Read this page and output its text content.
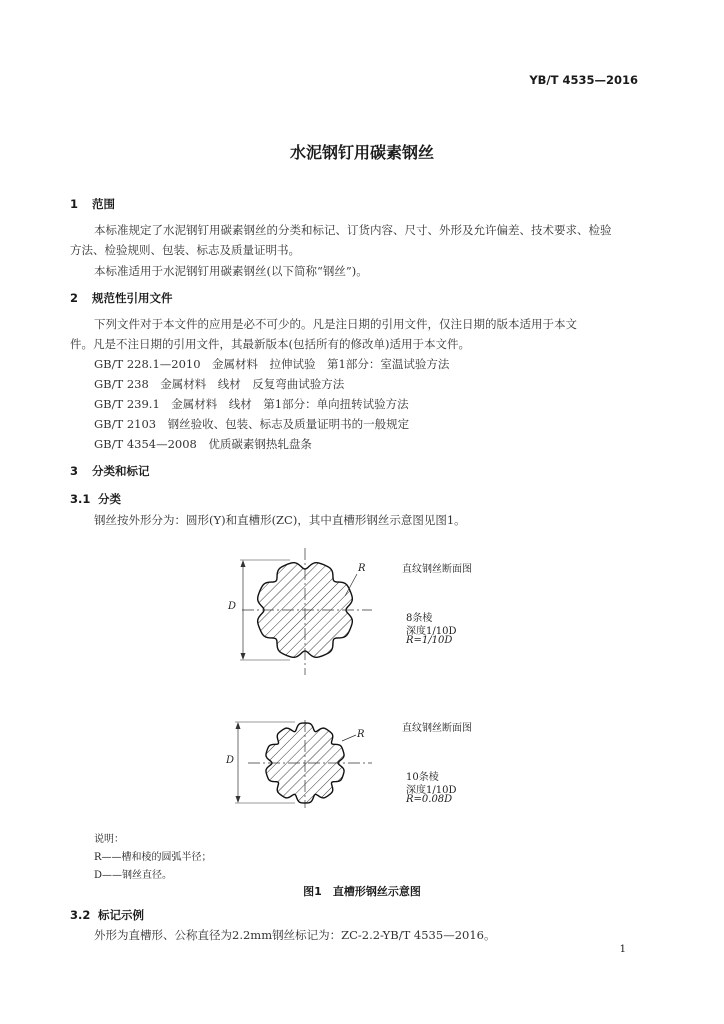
YB/T 4535—2016
水泥钢钉用碳素钢丝
1 范围
本标准规定了水泥钢钉用碳素钢丝的分类和标记、订货内容、尺寸、外形及允许偏差、技术要求、检验
方法、检验规则、包装、标志及质量证明书。
本标准适用于水泥钢钉用碳素钢丝(以下简称“钢丝”)。
2 规范性引用文件
下列文件对于本文件的应用是必不可少的。凡是注日期的引用文件，仅注日期的版本适用于本文
件。凡是不注日期的引用文件，其最新版本(包括所有的修改单)适用于本文件。
GB/T 228.1—2010　金属材料　拉伸试验　第1部分：室温试验方法
GB/T 238　金属材料　线材　反复弯曲试验方法
GB/T 239.1　金属材料　线材　第1部分：单向扭转试验方法
GB/T 2103　钢丝验收、包装、标志及质量证明书的一般规定
GB/T 4354—2008　优质碳素钢热轧盘条
3 分类和标记
3.1 分类
钢丝按外形分为：圆形(Y)和直槽形(ZC)，其中直槽形钢丝示意图见图1。
D
R	直纹钢丝断面图
8条棱
深度1/10D
R=1/10D
D
R
直纹钢丝断面图
10条棱
深度1/10D
R=0.08D
说明：
R——槽和棱的圆弧半径；
D——钢丝直径。
图1　直槽形钢丝示意图
3.2 标记示例
外形为直槽形、公称直径为2.2mm钢丝标记为：ZC-2.2-YB/T 4535—2016。
1
